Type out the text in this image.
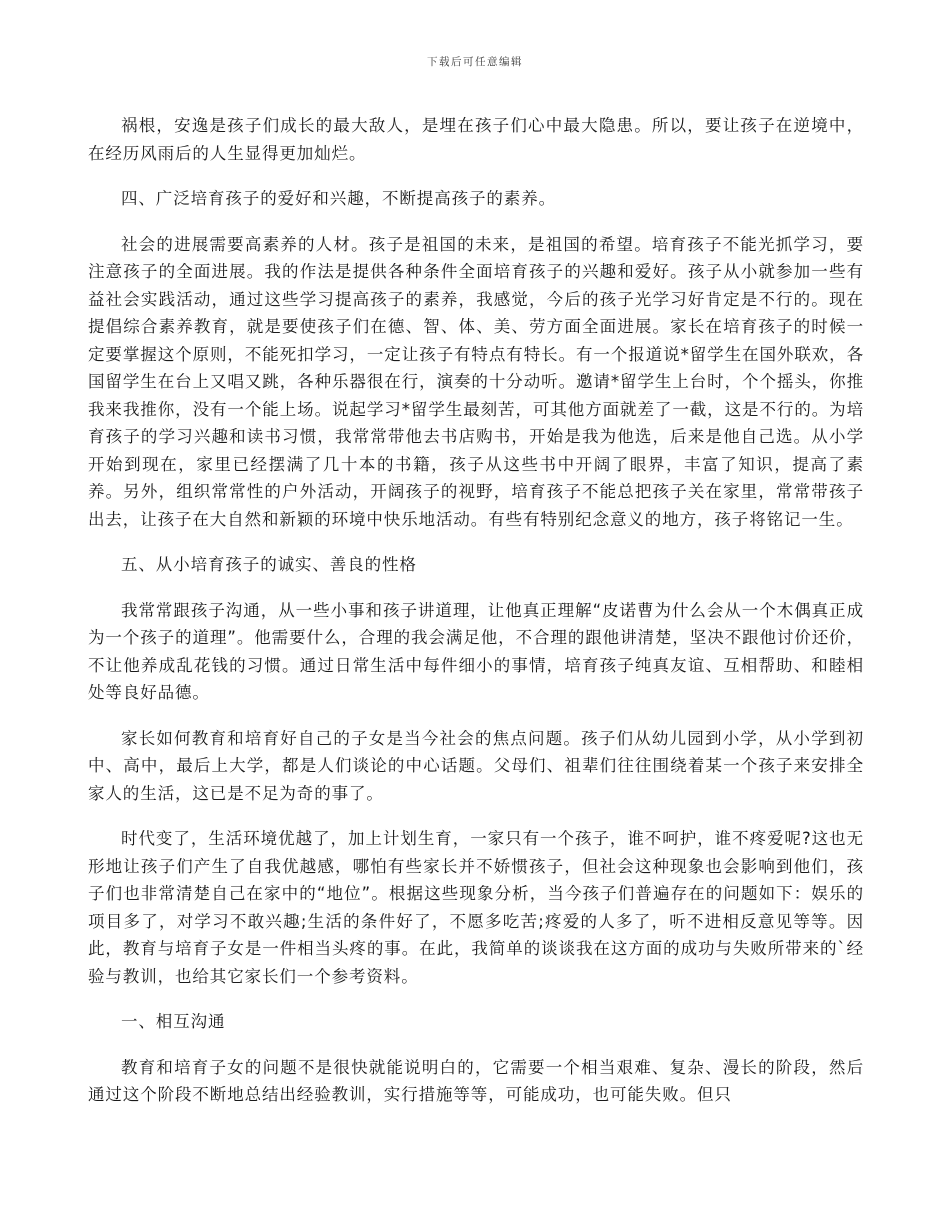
下载后可任意编辑

祸根，安逸是孩子们成长的最大敌人，是埋在孩子们心中最大隐患。所以，要让孩子在逆境中，在经历风雨后的人生显得更加灿烂。

四、广泛培育孩子的爱好和兴趣，不断提高孩子的素养。

社会的进展需要高素养的人材。孩子是祖国的未来，是祖国的希望。培育孩子不能光抓学习，要注意孩子的全面进展。我的作法是提供各种条件全面培育孩子的兴趣和爱好。孩子从小就参加一些有益社会实践活动，通过这些学习提高孩子的素养，我感觉，今后的孩子光学习好肯定是不行的。现在提倡综合素养教育，就是要使孩子们在德、智、体、美、劳方面全面进展。家长在培育孩子的时候一定要掌握这个原则，不能死扣学习，一定让孩子有特点有特长。有一个报道说*留学生在国外联欢，各国留学生在台上又唱又跳，各种乐器很在行，演奏的十分动听。邀请*留学生上台时，个个摇头，你推我来我推你，没有一个能上场。说起学习*留学生最刻苦，可其他方面就差了一截，这是不行的。为培育孩子的学习兴趣和读书习惯，我常常带他去书店购书，开始是我为他选，后来是他自己选。从小学开始到现在，家里已经摆满了几十本的书籍，孩子从这些书中开阔了眼界，丰富了知识，提高了素养。另外，组织常常性的户外活动，开阔孩子的视野，培育孩子不能总把孩子关在家里，常常带孩子出去，让孩子在大自然和新颖的环境中快乐地活动。有些有特别纪念意义的地方，孩子将铭记一生。

五、从小培育孩子的诚实、善良的性格

我常常跟孩子沟通，从一些小事和孩子讲道理，让他真正理解“皮诺曹为什么会从一个木偶真正成为一个孩子的道理”。他需要什么，合理的我会满足他，不合理的跟他讲清楚，坚决不跟他讨价还价，不让他养成乱花钱的习惯。通过日常生活中每件细小的事情，培育孩子纯真友谊、互相帮助、和睦相处等良好品德。

家长如何教育和培育好自己的子女是当今社会的焦点问题。孩子们从幼儿园到小学，从小学到初中、高中，最后上大学，都是人们谈论的中心话题。父母们、祖辈们往往围绕着某一个孩子来安排全家人的生活，这已是不足为奇的事了。

时代变了，生活环境优越了，加上计划生育，一家只有一个孩子，谁不呵护，谁不疼爱呢?这也无形地让孩子们产生了自我优越感，哪怕有些家长并不娇惯孩子，但社会这种现象也会影响到他们，孩子们也非常清楚自己在家中的“地位”。根据这些现象分析，当今孩子们普遍存在的问题如下：娱乐的项目多了，对学习不敢兴趣;生活的条件好了，不愿多吃苦;疼爱的人多了，听不进相反意见等等。因此，教育与培育子女是一件相当头疼的事。在此，我简单的谈谈我在这方面的成功与失败所带来的`经验与教训，也给其它家长们一个参考资料。

一、相互沟通

教育和培育子女的问题不是很快就能说明白的，它需要一个相当艰难、复杂、漫长的阶段，然后通过这个阶段不断地总结出经验教训，实行措施等等，可能成功，也可能失败。但只
